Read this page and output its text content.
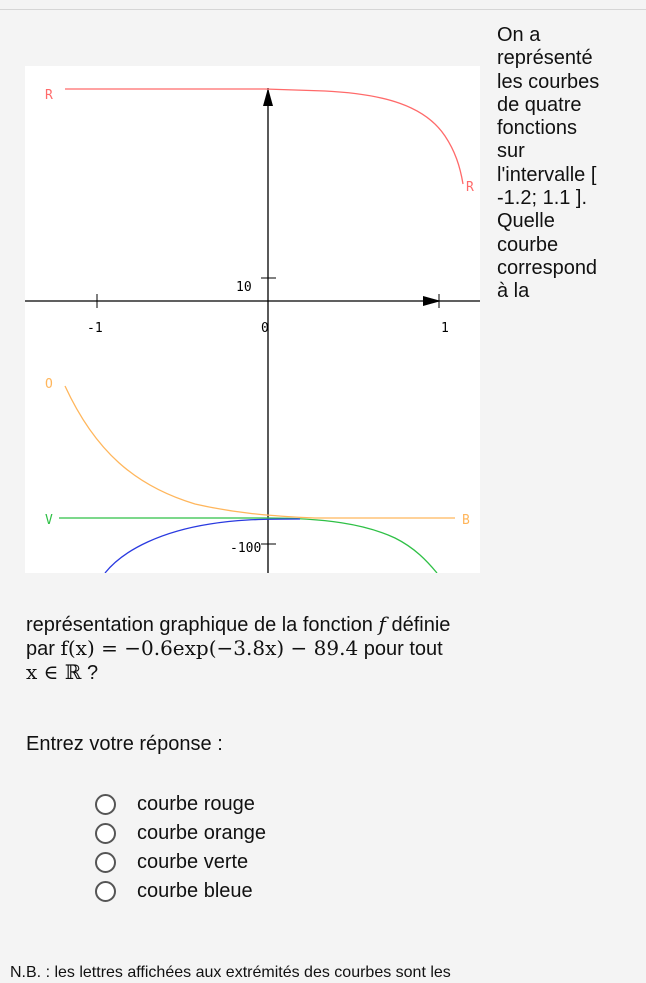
-1	0	1
10
-100
R
R
O
V	B
On a
représenté
les courbes
de quatre
fonctions
sur
l'intervalle [
-1.2; 1.1 ].
Quelle
courbe
correspond
à la
représentation graphique de la fonction f définie
par f(x) = −0.6exp(−3.8x) − 89.4 pour tout
x ∈ ℝ ?
Entrez votre réponse :
courbe rouge
courbe orange
courbe verte
courbe bleue
N.B. : les lettres affichées aux extrémités des courbes sont les
